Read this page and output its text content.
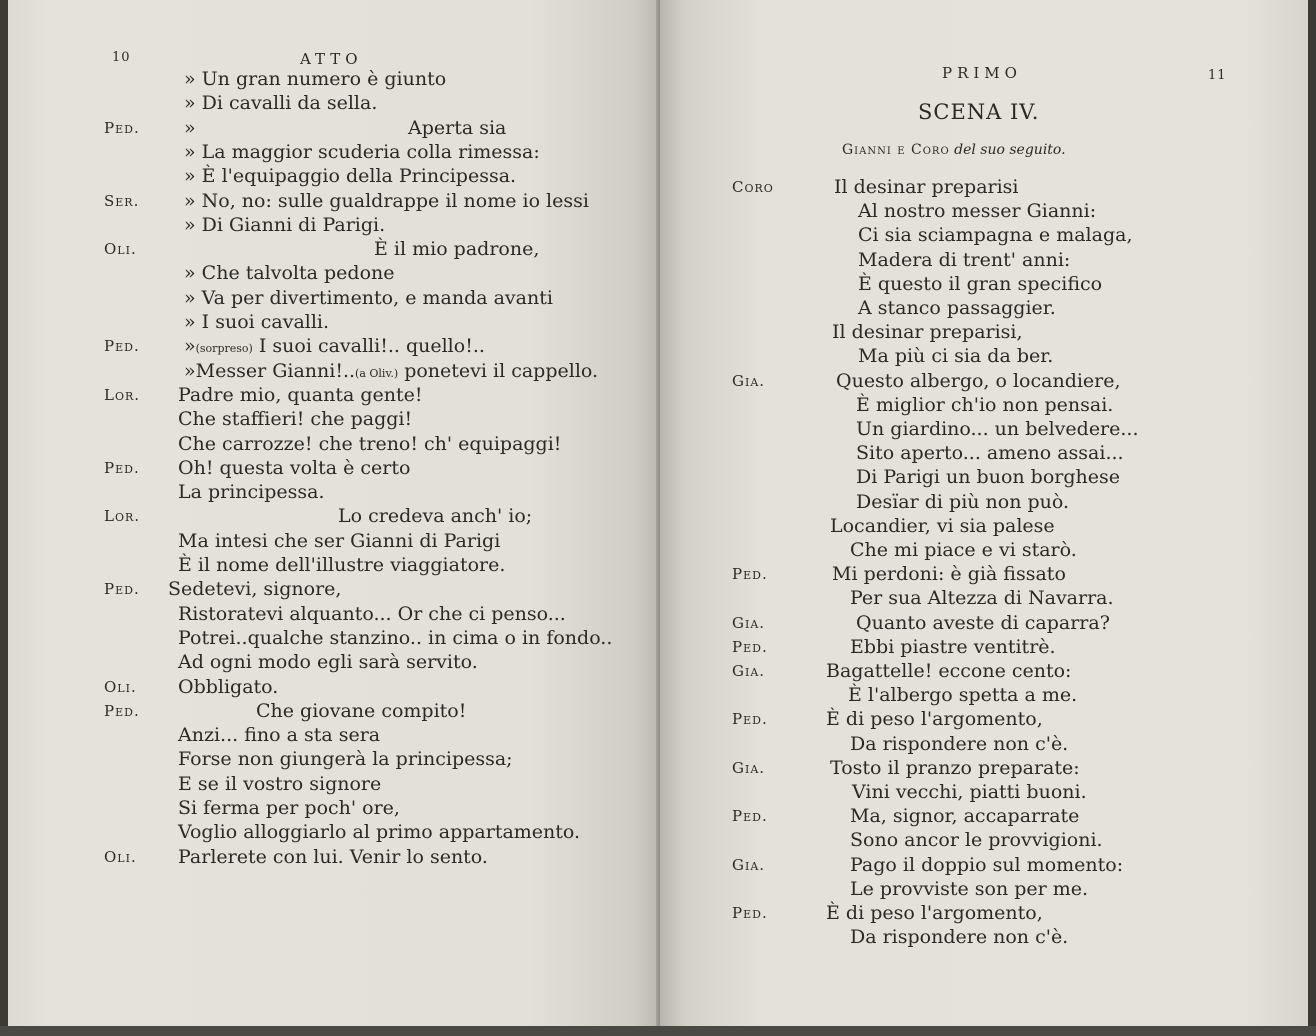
10	ATTO
» Un gran numero è giunto
» Di cavalli da sella.
Ped. »	Aperta sia
» La maggior scuderia colla rimessa:
» È l'equipaggio della Principessa.
Ser. » No, no: sulle gualdrappe il nome io lessi
» Di Gianni di Parigi.
Oli.	È il mio padrone,
» Che talvolta pedone
» Va per divertimento, e manda avanti
» I suoi cavalli.
Ped. »(sorpreso) I suoi cavalli!.. quello!..
»Messer Gianni!..(a Oliv.) ponetevi il cappello.
Lor. Padre mio, quanta gente!
Che staffieri! che paggi!
Che carrozze! che treno! ch' equipaggi!
Ped. Oh! questa volta è certo
La principessa.
Lor.	Lo credeva anch' io;
Ma intesi che ser Gianni di Parigi
È il nome dell'illustre viaggiatore.
Ped. Sedetevi, signore,
Ristoratevi alquanto... Or che ci penso...
Potrei..qualche stanzino.. in cima o in fondo..
Ad ogni modo egli sarà servito.
Oli. Obbligato.
Ped.	Che giovane compito!
Anzi... fino a sta sera
Forse non giungerà la principessa;
E se il vostro signore
Si ferma per poch' ore,
Voglio alloggiarlo al primo appartamento.
Oli. Parlerete con lui. Venir lo sento.
PRIMO	11
SCENA IV.
Gianni e Coro del suo seguito.
Coro	Il desinar preparisi
Al nostro messer Gianni:
Ci sia sciampagna e malaga,
Madera di trent' anni:
È questo il gran specifico
A stanco passaggier.
Il desinar preparisi,
Ma più ci sia da ber.
Gia.	Questo albergo, o locandiere,
È miglior ch'io non pensai.
Un giardino... un belvedere...
Sito aperto... ameno assai...
Di Parigi un buon borghese
Desïar di più non può.
Locandier, vi sia palese
Che mi piace e vi starò.
Ped.	Mi perdoni: è già fissato
Per sua Altezza di Navarra.
Gia.	Quanto aveste di caparra?
Ped.	Ebbi piastre ventitrè.
Gia.	Bagattelle! eccone cento:
È l'albergo spetta a me.
Ped.	È di peso l'argomento,
Da rispondere non c'è.
Gia.	Tosto il pranzo preparate:
Vini vecchi, piatti buoni.
Ped.	Ma, signor, accaparrate
Sono ancor le provvigioni.
Gia.	Pago il doppio sul momento:
Le provviste son per me.
Ped.	È di peso l'argomento,
Da rispondere non c'è.
